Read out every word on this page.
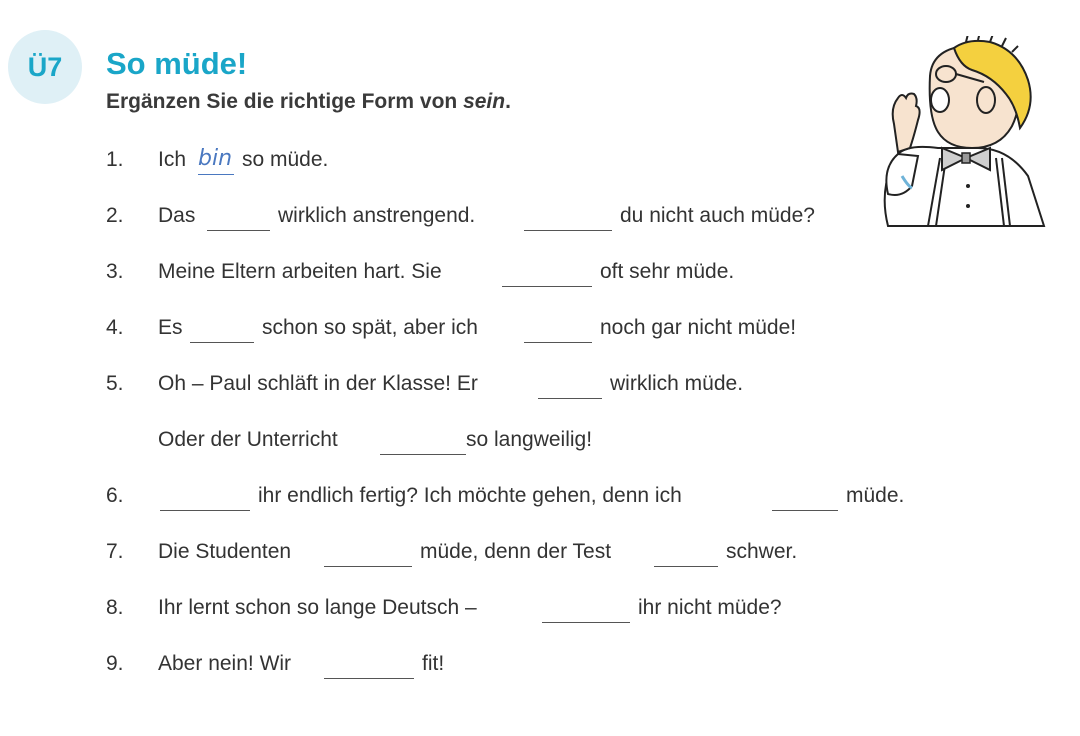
Ü7 So müde!
Ergänzen Sie die richtige Form von sein.
1. Ich bin so müde.
2. Das	wirklich anstrengend.	du nicht auch müde?
3. Meine Eltern arbeiten hart. Sie	oft sehr müde.
4. Es	schon so spät, aber ich	noch gar nicht müde!
5. Oh – Paul schläft in der Klasse! Er	wirklich müde.
Oder der Unterricht	so langweilig!
6.	ihr endlich fertig? Ich möchte gehen, denn ich	müde.
7. Die Studenten	müde, denn der Test	schwer.
8. Ihr lernt schon so lange Deutsch –	ihr nicht müde?
9. Aber nein! Wir	fit!
